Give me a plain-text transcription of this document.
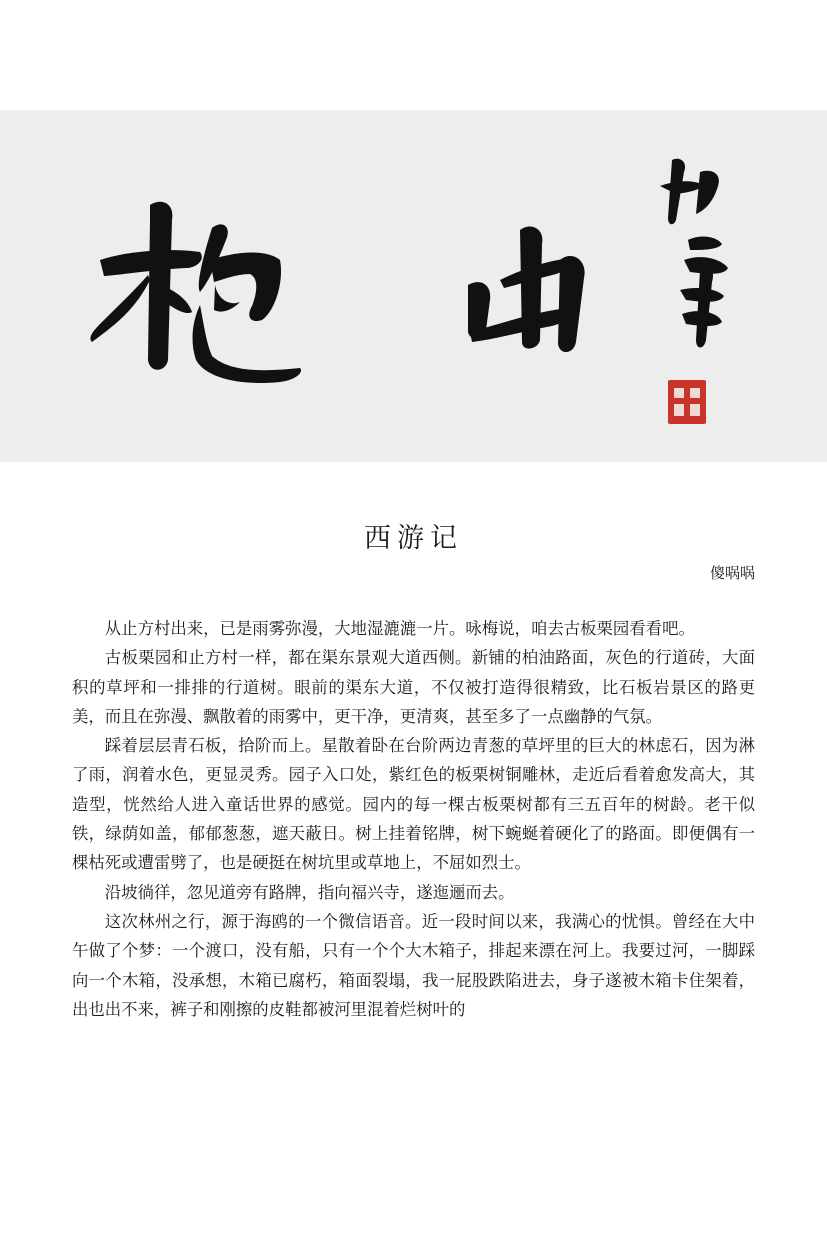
西游记
傻㖞㖞

从止方村出来，已是雨雾弥漫，大地湿漉漉一片。咏梅说，咱去古板栗园看看吧。

古板栗园和止方村一样，都在渠东景观大道西侧。新铺的柏油路面，灰色的行道砖，大面积的草坪和一排排的行道树。眼前的渠东大道，不仅被打造得很精致，比石板岩景区的路更美，而且在弥漫、飘散着的雨雾中，更干净，更清爽，甚至多了一点幽静的气氛。

踩着层层青石板，拾阶而上。星散着卧在台阶两边青葱的草坪里的巨大的林虑石，因为淋了雨，润着水色，更显灵秀。园子入口处，紫红色的板栗树铜雕林，走近后看着愈发高大，其造型，恍然给人进入童话世界的感觉。园内的每一棵古板栗树都有三五百年的树龄。老干似铁，绿荫如盖，郁郁葱葱，遮天蔽日。树上挂着铭牌，树下蜿蜒着硬化了的路面。即便偶有一棵枯死或遭雷劈了，也是硬挺在树坑里或草地上，不屈如烈士。

沿坡徜徉，忽见道旁有路牌，指向福兴寺，遂迤逦而去。

这次林州之行，源于海鸥的一个微信语音。近一段时间以来，我满心的忧惧。曾经在大中午做了个梦：一个渡口，没有船，只有一个个大木箱子，排起来漂在河上。我要过河，一脚踩向一个木箱，没承想，木箱已腐朽，箱面裂塌，我一屁股跌陷进去，身子遂被木箱卡住架着，出也出不来，裤子和刚擦的皮鞋都被河里混着烂树叶的
